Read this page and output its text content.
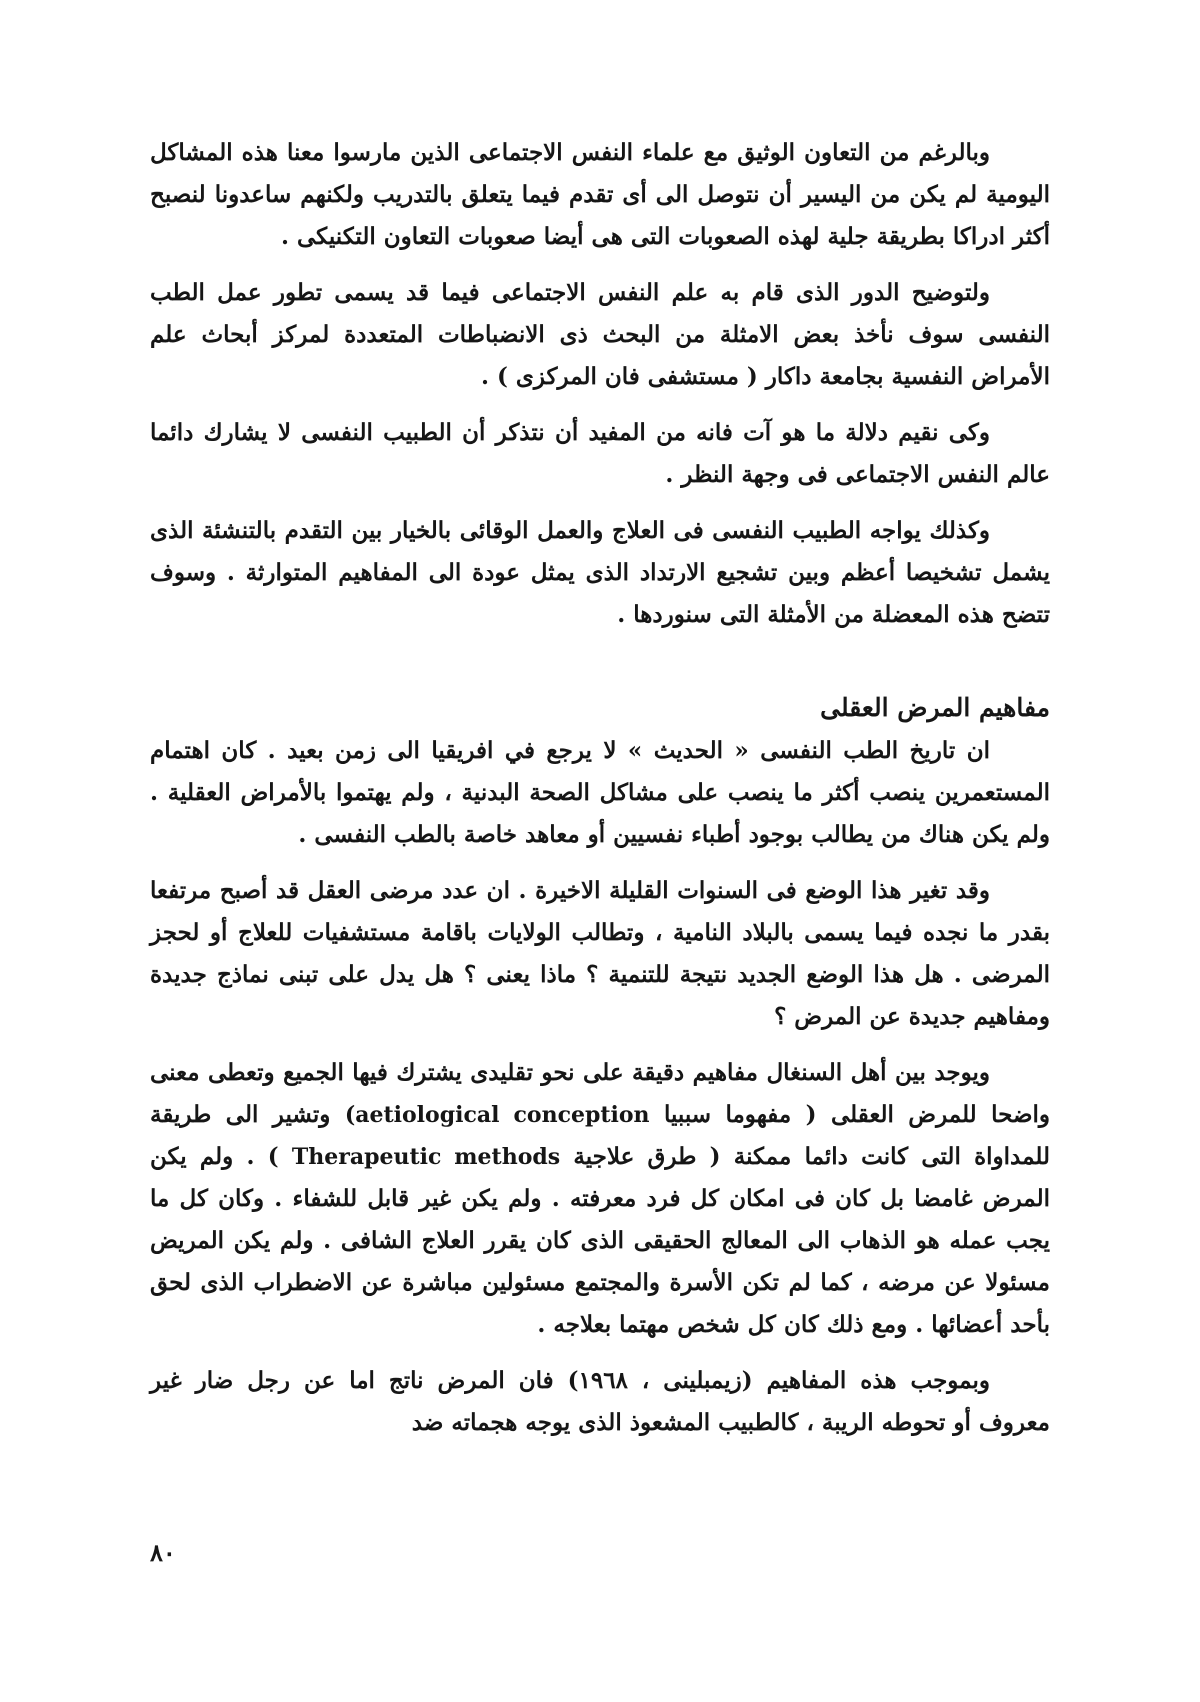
وبالرغم من التعاون الوثيق مع علماء النفس الاجتماعى الذين مارسوا معنا هذه المشاكل اليومية لم يكن من اليسير أن نتوصل الى أى تقدم فيما يتعلق بالتدريب ولكنهم ساعدونا لنصبح أكثر ادراكا بطريقة جلية لهذه الصعوبات التى هى أيضا صعوبات التعاون التكنيكى .

ولتوضيح الدور الذى قام به علم النفس الاجتماعى فيما قد يسمى تطور عمل الطب النفسى سوف نأخذ بعض الامثلة من البحث ذى الانضباطات المتعددة لمركز أبحاث علم الأمراض النفسية بجامعة داكار ( مستشفى فان المركزى ) .

وكى نقيم دلالة ما هو آت فانه من المفيد أن نتذكر أن الطبيب النفسى لا يشارك دائما عالم النفس الاجتماعى فى وجهة النظر .

وكذلك يواجه الطبيب النفسى فى العلاج والعمل الوقائى بالخيار بين التقدم بالتنشئة الذى يشمل تشخيصا أعظم وبين تشجيع الارتداد الذى يمثل عودة الى المفاهيم المتوارثة . وسوف تتضح هذه المعضلة من الأمثلة التى سنوردها .

مفاهيم المرض العقلى

ان تاريخ الطب النفسى « الحديث » لا يرجع في افريقيا الى زمن بعيد . كان اهتمام المستعمرين ينصب أكثر ما ينصب على مشاكل الصحة البدنية ، ولم يهتموا بالأمراض العقلية . ولم يكن هناك من يطالب بوجود أطباء نفسيين أو معاهد خاصة بالطب النفسى .

وقد تغير هذا الوضع فى السنوات القليلة الاخيرة . ان عدد مرضى العقل قد أصبح مرتفعا بقدر ما نجده فيما يسمى بالبلاد النامية ، وتطالب الولايات باقامة مستشفيات للعلاج أو لحجز المرضى . هل هذا الوضع الجديد نتيجة للتنمية ؟ ماذا يعنى ؟ هل يدل على تبنى نماذج جديدة ومفاهيم جديدة عن المرض ؟

ويوجد بين أهل السنغال مفاهيم دقيقة على نحو تقليدى يشترك فيها الجميع وتعطى معنى واضحا للمرض العقلى ( مفهوما سببيا (aetiological conception وتشير الى طريقة للمداواة التى كانت دائما ممكنة ( طرق علاجية Therapeutic methods ) . ولم يكن المرض غامضا بل كان فى امكان كل فرد معرفته . ولم يكن غير قابل للشفاء . وكان كل ما يجب عمله هو الذهاب الى المعالج الحقيقى الذى كان يقرر العلاج الشافى . ولم يكن المريض مسئولا عن مرضه ، كما لم تكن الأسرة والمجتمع مسئولين مباشرة عن الاضطراب الذى لحق بأحد أعضائها . ومع ذلك كان كل شخص مهتما بعلاجه .

وبموجب هذه المفاهيم (زيمبلينى ، ١٩٦٨) فان المرض ناتج اما عن رجل ضار غير معروف أو تحوطه الريبة ، كالطبيب المشعوذ الذى يوجه هجماته ضد

٨٠
